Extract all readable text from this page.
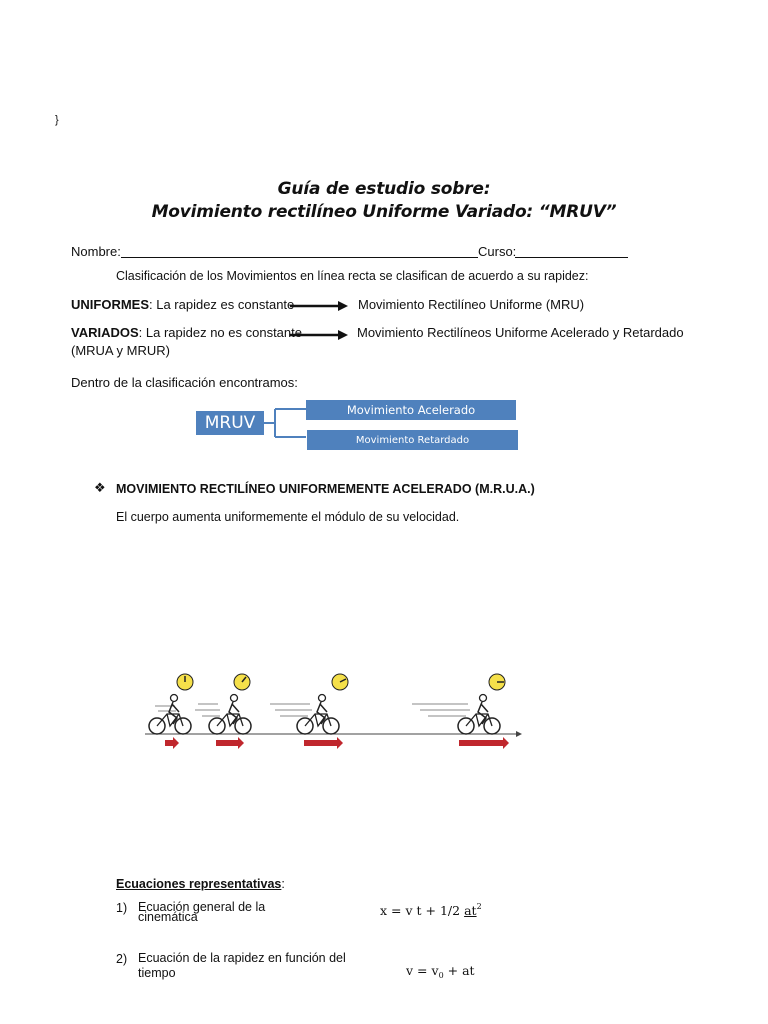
}
Guía de estudio sobre:
Movimiento rectilíneo Uniforme Variado: “MRUV”
Nombre:	Curso:
Clasificación de los Movimientos en línea recta se clasifican de acuerdo a su rapidez:
UNIFORMES: La rapidez es constante	Movimiento Rectilíneo Uniforme (MRU)
VARIADOS: La rapidez no es constante	Movimiento Rectilíneos Uniforme Acelerado y Retardado
(MRUA y MRUR)
Dentro de la clasificación encontramos:
MRUV
Movimiento Acelerado
Movimiento Retardado
❖ MOVIMIENTO RECTILÍNEO UNIFORMEMENTE ACELERADO (M.R.U.A.)
El cuerpo aumenta uniformemente el módulo de su velocidad.
Ecuaciones representativas:
1) Ecuación general de la
cinemática	x = v t + 1/2 $at^2$
2) Ecuación de la rapidez en función del
tiempo	$v = v_0$ + at
